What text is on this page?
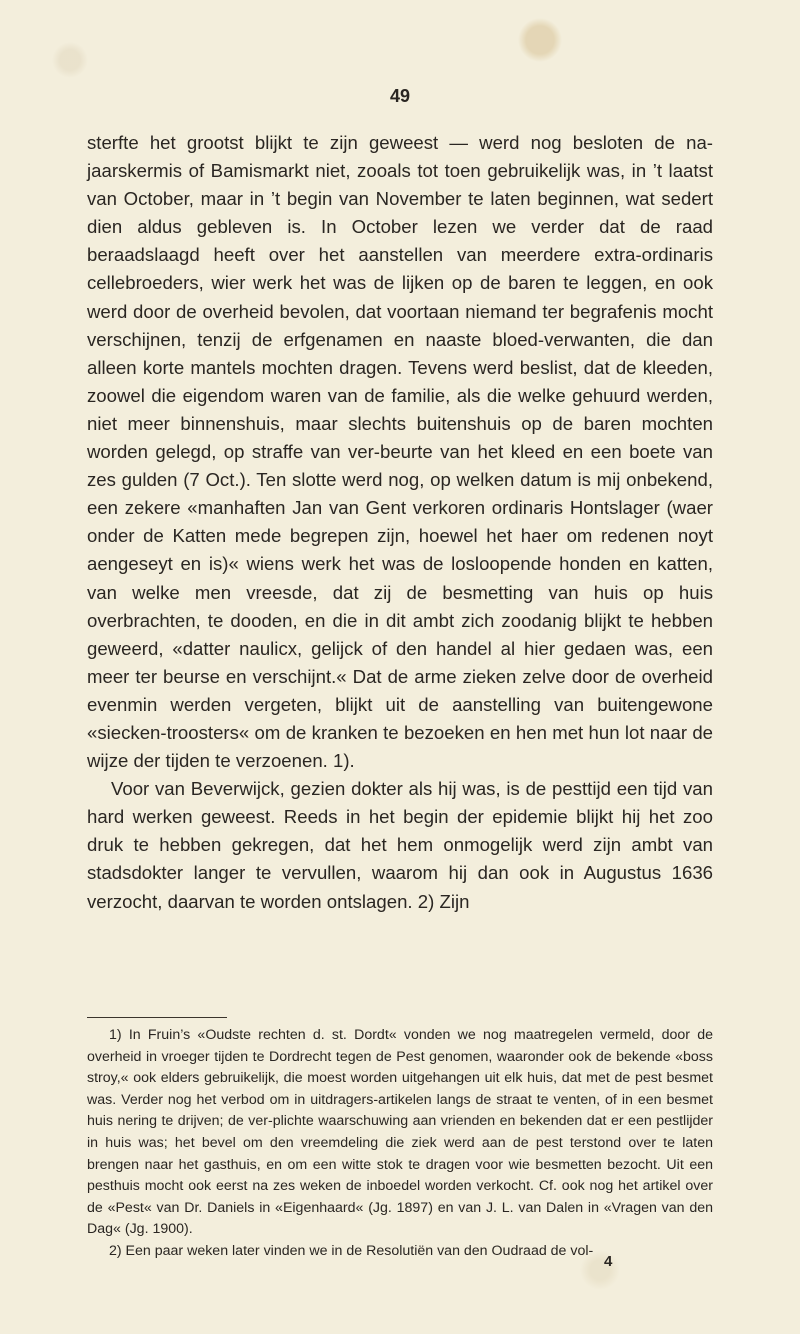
49

sterfte het grootst blijkt te zijn geweest — werd nog besloten de na-jaarskermis of Bamismarkt niet, zooals tot toen gebruikelijk was, in ’t laatst van October, maar in ’t begin van November te laten beginnen, wat sedert dien aldus gebleven is. In October lezen we verder dat de raad beraadslaagd heeft over het aanstellen van meerdere extra-ordinaris cellebroeders, wier werk het was de lijken op de baren te leggen, en ook werd door de overheid bevolen, dat voortaan niemand ter begrafenis mocht verschijnen, tenzij de erfgenamen en naaste bloed-verwanten, die dan alleen korte mantels mochten dragen. Tevens werd beslist, dat de kleeden, zoowel die eigendom waren van de familie, als die welke gehuurd werden, niet meer binnenshuis, maar slechts buitenshuis op de baren mochten worden gelegd, op straffe van ver-beurte van het kleed en een boete van zes gulden (7 Oct.). Ten slotte werd nog, op welken datum is mij onbekend, een zekere «manhaften Jan van Gent verkoren ordinaris Hontslager (waer onder de Katten mede begrepen zijn, hoewel het haer om redenen noyt aengeseyt en is)« wiens werk het was de losloopende honden en katten, van welke men vreesde, dat zij de besmetting van huis op huis overbrachten, te dooden, en die in dit ambt zich zoodanig blijkt te hebben geweerd, «datter naulicx, gelijck of den handel al hier gedaen was, een meer ter beurse en verschijnt.« Dat de arme zieken zelve door de overheid evenmin werden vergeten, blijkt uit de aanstelling van buitengewone «siecken-troosters« om de kranken te bezoeken en hen met hun lot naar de wijze der tijden te verzoenen. 1).

Voor van Beverwijck, gezien dokter als hij was, is de pesttijd een tijd van hard werken geweest. Reeds in het begin der epidemie blijkt hij het zoo druk te hebben gekregen, dat het hem onmogelijk werd zijn ambt van stadsdokter langer te vervullen, waarom hij dan ook in Augustus 1636 verzocht, daarvan te worden ontslagen. 2) Zijn

1) In Fruin’s «Oudste rechten d. st. Dordt« vonden we nog maatregelen vermeld, door de overheid in vroeger tijden te Dordrecht tegen de Pest genomen, waaronder ook de bekende «boss stroy,« ook elders gebruikelijk, die moest worden uitgehangen uit elk huis, dat met de pest besmet was. Verder nog het verbod om in uitdragers-artikelen langs de straat te venten, of in een besmet huis nering te drijven; de ver-plichte waarschuwing aan vrienden en bekenden dat er een pestlijder in huis was; het bevel om den vreemdeling die ziek werd aan de pest terstond over te laten brengen naar het gasthuis, en om een witte stok te dragen voor wie besmetten bezocht. Uit een pesthuis mocht ook eerst na zes weken de inboedel worden verkocht. Cf. ook nog het artikel over de «Pest« van Dr. Daniels in «Eigenhaard« (Jg. 1897) en van J. L. van Dalen in «Vragen van den Dag« (Jg. 1900).

2) Een paar weken later vinden we in de Resolutiën van den Oudraad de vol-

4
